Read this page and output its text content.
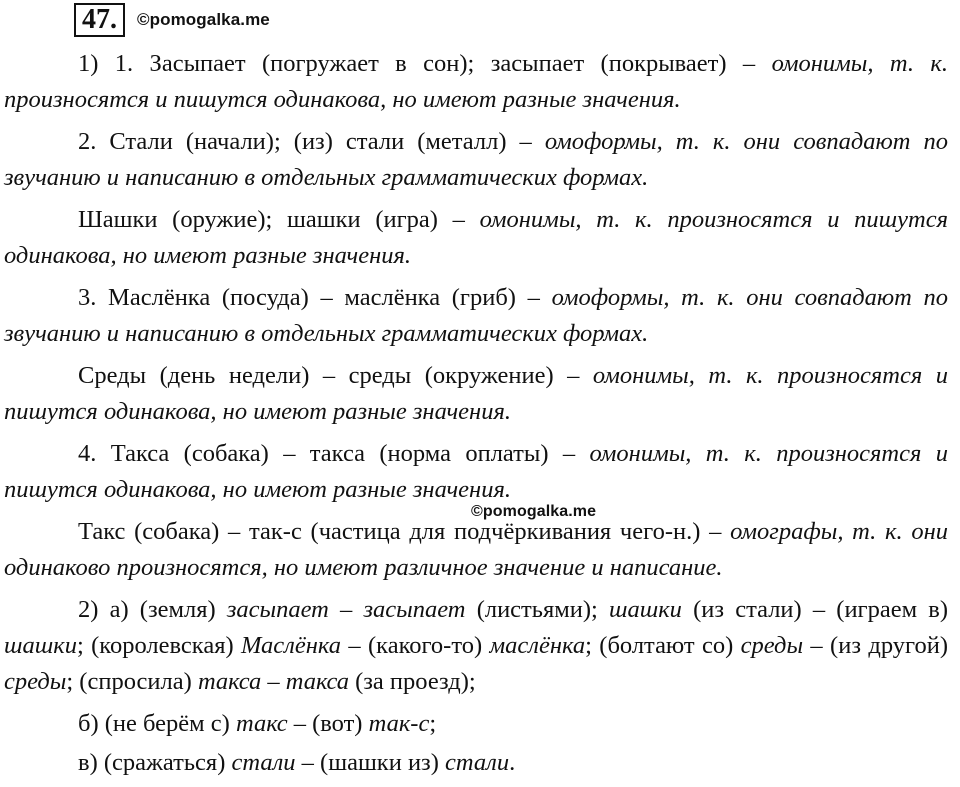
47.	©pomogalka.me

1) 1. Засыпает (погружает в сон); засыпает (покрывает) – омонимы, т. к. произносятся и пишутся одинакова, но имеют разные значения.

2. Стали (начали); (из) стали (металл) – омоформы, т. к. они совпадают по звучанию и написанию в отдельных грамматических формах.

Шашки (оружие); шашки (игра) – омонимы, т. к. произносятся и пишутся одинакова, но имеют разные значения.

3. Маслёнка (посуда) – маслёнка (гриб) – омоформы, т. к. они совпадают по звучанию и написанию в отдельных грамматических формах.

Среды (день недели) – среды (окружение) – омонимы, т. к. произносятся и пишутся одинакова, но имеют разные значения.

4. Такса (собака) – такса (норма оплаты) – омонимы, т. к. произносятся и пишутся одинакова, но имеют разные значения.

Такс (собака) – так-с (частица для подчёркивания чего-н.) – омографы, т. к. они одинаково произносятся, но имеют различное значение и написание.

2) а) (земля) засыпает – засыпает (листьями); шашки (из стали) – (играем в) шашки; (королевская) Маслёнка – (какого-то) маслёнка; (болтают со) среды – (из другой) среды; (спросила) такса – такса (за проезд);

б) (не берём с) такс – (вот) так-с;

в) (сражаться) стали – (шашки из) стали.

©pomogalka.me
